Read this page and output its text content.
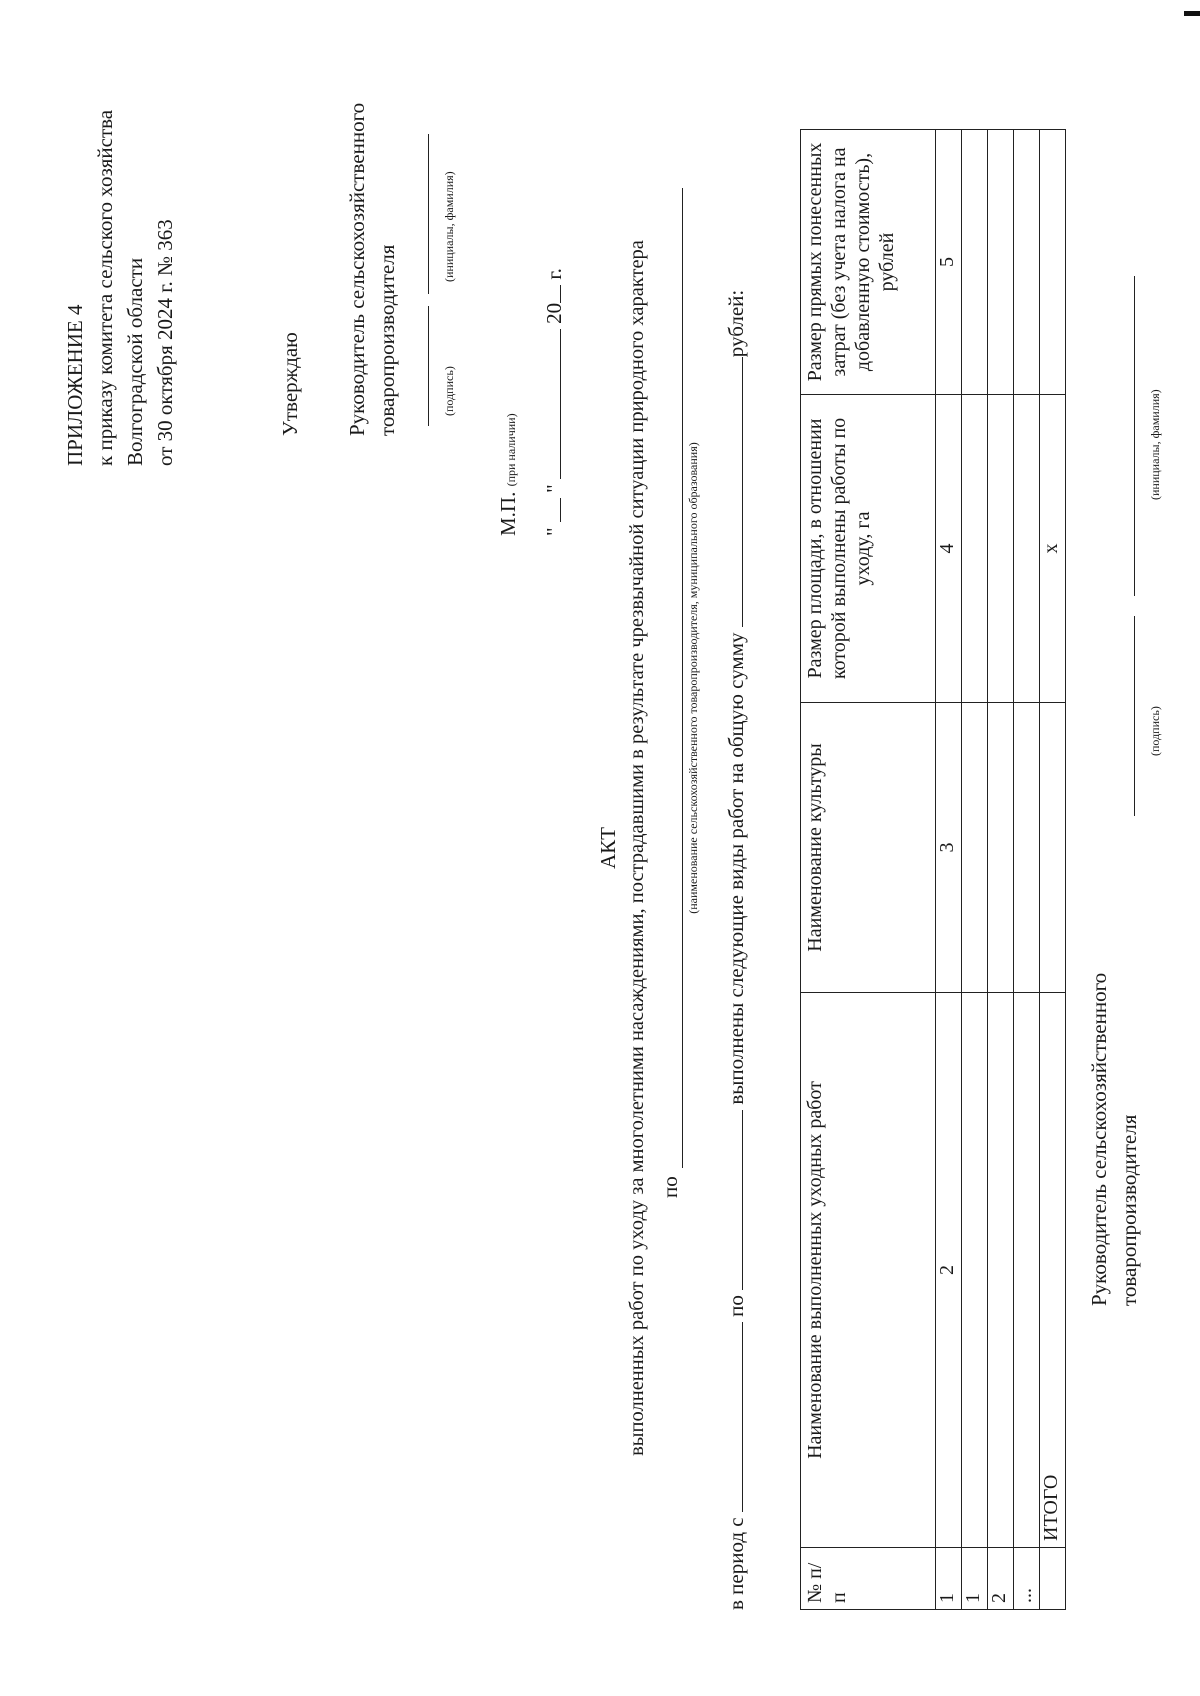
ПРИЛОЖЕНИЕ 4 к приказу комитета сельского хозяйства Волгоградской области от 30 октября 2024 г. № 363	Утверждаю Руководитель сельскохозяйственного товаропроизводителя	(подпись)
(инициалы, фамилия)
М.П. (при наличии)
"  "  20 г.
АКТ выполненных работ по уходу за многолетними насаждениями, пострадавшими в результате чрезвычайной ситуации природного характера по
(наименование сельскохозяйственного товаропроизводителя, муниципального образования)
в период с  по  выполнены следующие виды работ на общую сумму рублей:
№ п/п	Наименование выполненных уходных работ	Наименование культуры	Размер площади, в отношении которой выполнены работы по уходу, га	Размер прямых понесенных затрат (без учета налога на добавленную стоимость), рублей
1	2	3	4	5
1				
2				
...				
	ИТОГО		х	
Руководитель сельскохозяйственного товаропроизводителя
(подпись)
(инициалы, фамилия)
